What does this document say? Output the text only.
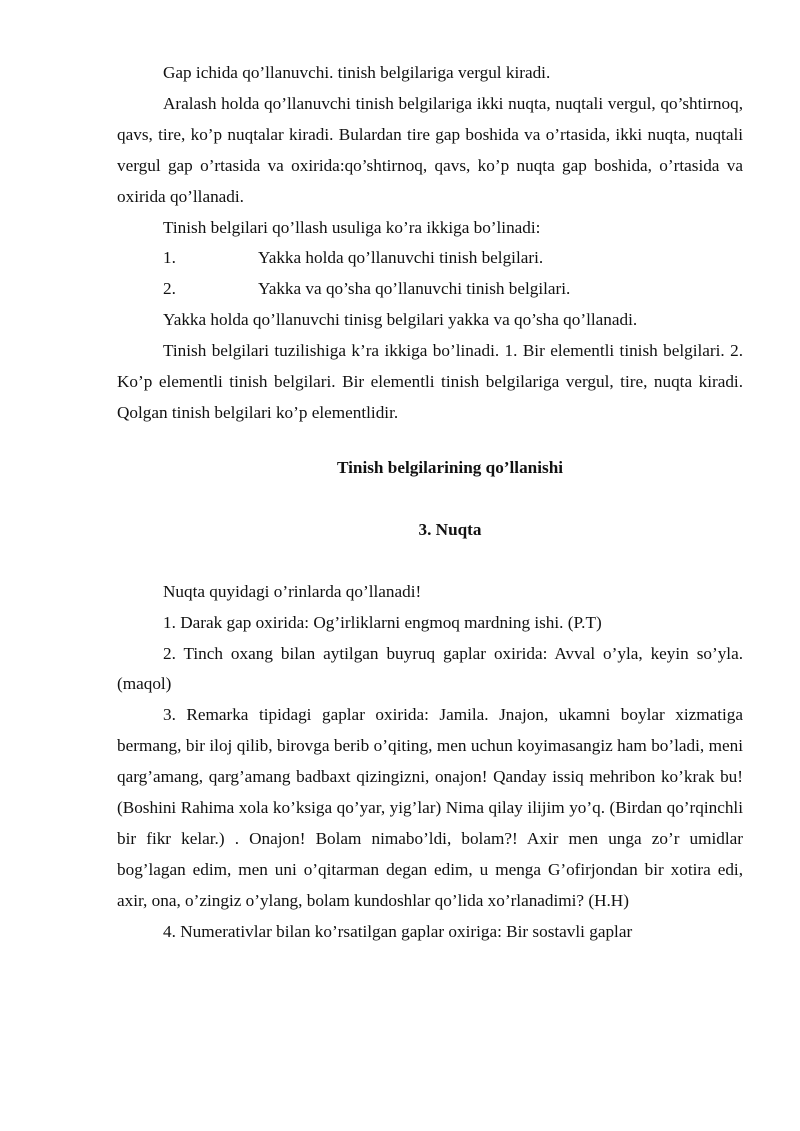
Gap ichida qo’llanuvchi. tinish belgilariga vergul kiradi.

Aralash holda qo’llanuvchi tinish belgilariga ikki nuqta, nuqtali vergul, qo’shtirnoq, qavs, tire, ko’p nuqtalar kiradi. Bulardan tire gap boshida va o’rtasida, ikki nuqta, nuqtali vergul gap o’rtasida va oxirida:qo’shtirnoq, qavs, ko’p nuqta gap boshida, o’rtasida va oxirida qo’llanadi.

Tinish belgilari qo’llash usuliga ko’ra ikkiga bo’linadi:

1.	Yakka holda qo’llanuvchi tinish belgilari.
2.	Yakka va qo’sha qo’llanuvchi tinish belgilari.

Yakka holda qo’llanuvchi tinisg belgilari yakka va qo’sha qo’llanadi.

Tinish belgilari tuzilishiga k’ra ikkiga bo’linadi. 1. Bir elementli tinish belgilari. 2. Ko’p elementli tinish belgilari. Bir elementli tinish belgilariga vergul, tire, nuqta kiradi. Qolgan tinish belgilari ko’p elementlidir.

Tinish belgilarining qo’llanishi

3. Nuqta

Nuqta quyidagi o’rinlarda qo’llanadi!

1. Darak gap oxirida: Og’irliklarni engmoq mardning ishi. (P.T)

2. Tinch oxang bilan aytilgan buyruq gaplar oxirida: Avval o’yla, keyin so’yla. (maqol)

3. Remarka tipidagi gaplar oxirida: Jamila. Jnajon, ukamni boylar xizmatiga bermang, bir iloj qilib, birovga berib o’qiting, men uchun koyimasangiz ham bo’ladi, meni qarg’amang, qarg’amang badbaxt qizingizni, onajon! Qanday issiq mehribon ko’krak bu! (Boshini Rahima xola ko’ksiga qo’yar, yig’lar) Nima qilay ilijim yo’q. (Birdan qo’rqinchli bir fikr kelar.) . Onajon! Bolam nimabo’ldi, bolam?! Axir men unga zo’r umidlar bog’lagan edim, men uni o’qitarman degan edim, u menga G’ofirjondan bir xotira edi, axir, ona, o’zingiz o’ylang, bolam kundoshlar qo’lida xo’rlanadimi? (H.H)

4. Numerativlar bilan ko’rsatilgan gaplar oxiriga: Bir sostavli gaplar
